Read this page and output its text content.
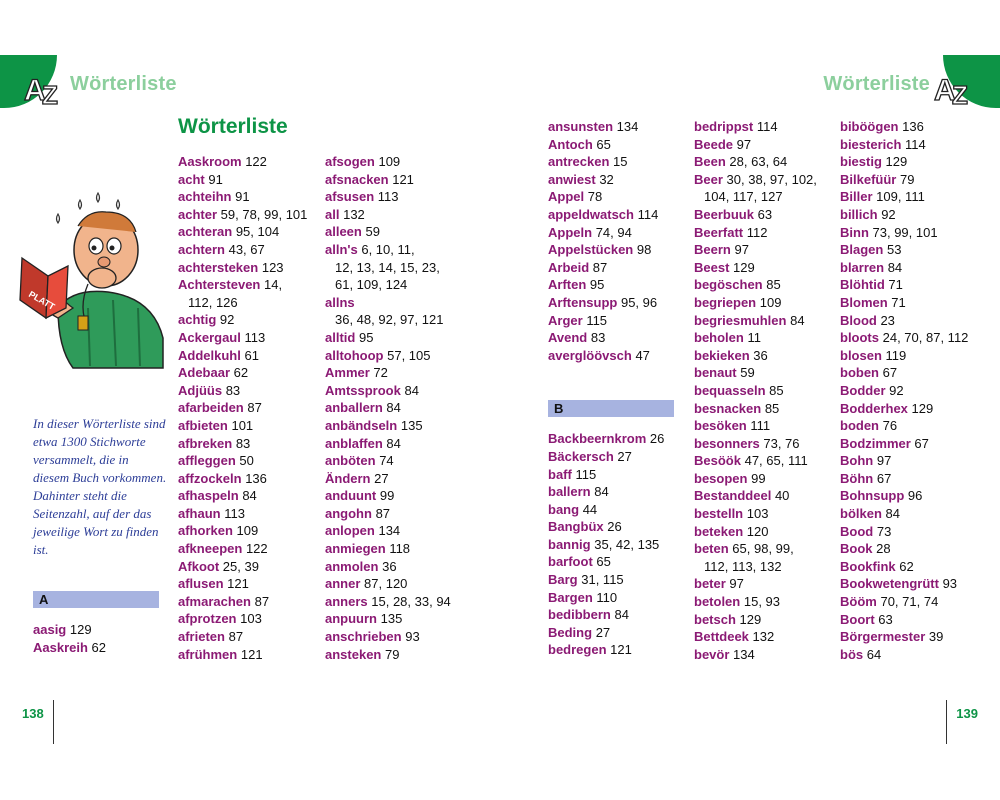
A
Z Wörterliste
Wörterliste
PLATT
In dieser Wörterliste sind etwa 1300 Stichworte versammelt, die in diesem Buch vorkommen. Dahinter steht die Seitenzahl, auf der das jeweilige Wort zu finden ist.
A
aasig 129
Aaskreih 62
Aaskroom 122
acht 91
achteihn 91
achter 59, 78, 99, 101
achteran 95, 104
achtern 43, 67
achtersteken 123
Achtersteven 14,
112, 126
achtig 92
Ackergaul 113
Addelkuhl 61
Adebaar 62
Adjüüs 83
afarbeiden 87
afbieten 101
afbreken 83
affleggen 50
affzockeln 136
afhaspeln 84
afhaun 113
afhorken 109
afkneepen 122
Afkoot 25, 39
aflusen 121
afmarachen 87
afprotzen 103
afrieten 87
afrühmen 121
afsogen 109
afsnacken 121
afsusen 113
all 132
alleen 59
alln's 6, 10, 11,
12, 13, 14, 15, 23,
61, 109, 124
allns
36, 48, 92, 97, 121
alltid 95
alltohoop 57, 105
Ammer 72
Amtssprook 84
anballern 84
anbändseln 135
anblaffen 84
anböten 74
Ändern 27
anduunt 99
angohn 87
anlopen 134
anmiegen 118
anmolen 36
anner 87, 120
anners 15, 28, 33, 94
anpuurn 135
anschrieben 93
ansteken 79
138
A
Z
Wörterliste
ansunsten 134
Antoch 65
antrecken 15
anwiest 32
Appel 78
appeldwatsch 114
Appeln 74, 94
Appelstücken 98
Arbeid 87
Arften 95
Arftensupp 95, 96
Arger 115
Avend 83
averglöövsch 47
B
Backbeernkrom 26
Bäckersch 27
baff 115
ballern 84
bang 44
Bangbüx 26
bannig 35, 42, 135
barfoot 65
Barg 31, 115
Bargen 110
bedibbern 84
Beding 27
bedregen 121
bedrippst 114
Beede 97
Been 28, 63, 64
Beer 30, 38, 97, 102,
104, 117, 127
Beerbuuk 63
Beerfatt 112
Beern 97
Beest 129
begöschen 85
begriepen 109
begriesmuhlen 84
beholen 11
bekieken 36
benaut 59
bequasseln 85
besnacken 85
besöken 111
besonners 73, 76
Besöök 47, 65, 111
besopen 99
Bestanddeel 40
bestelln 103
beteken 120
beten 65, 98, 99,
112, 113, 132
beter 97
betolen 15, 93
betsch 129
Bettdeek 132
bevör 134
biböögen 136
biesterich 114
biestig 129
Bilkefüür 79
Biller 109, 111
billich 92
Binn 73, 99, 101
Blagen 53
blarren 84
Blöhtid 71
Blomen 71
Blood 23
bloots 24, 70, 87, 112
blosen 119
boben 67
Bodder 92
Bodderhex 129
boden 76
Bodzimmer 67
Bohn 97
Böhn 67
Bohnsupp 96
bölken 84
Bood 73
Book 28
Bookfink 62
Bookwetengrütt 93
Bööm 70, 71, 74
Boort 63
Börgermester 39
bös 64
139
